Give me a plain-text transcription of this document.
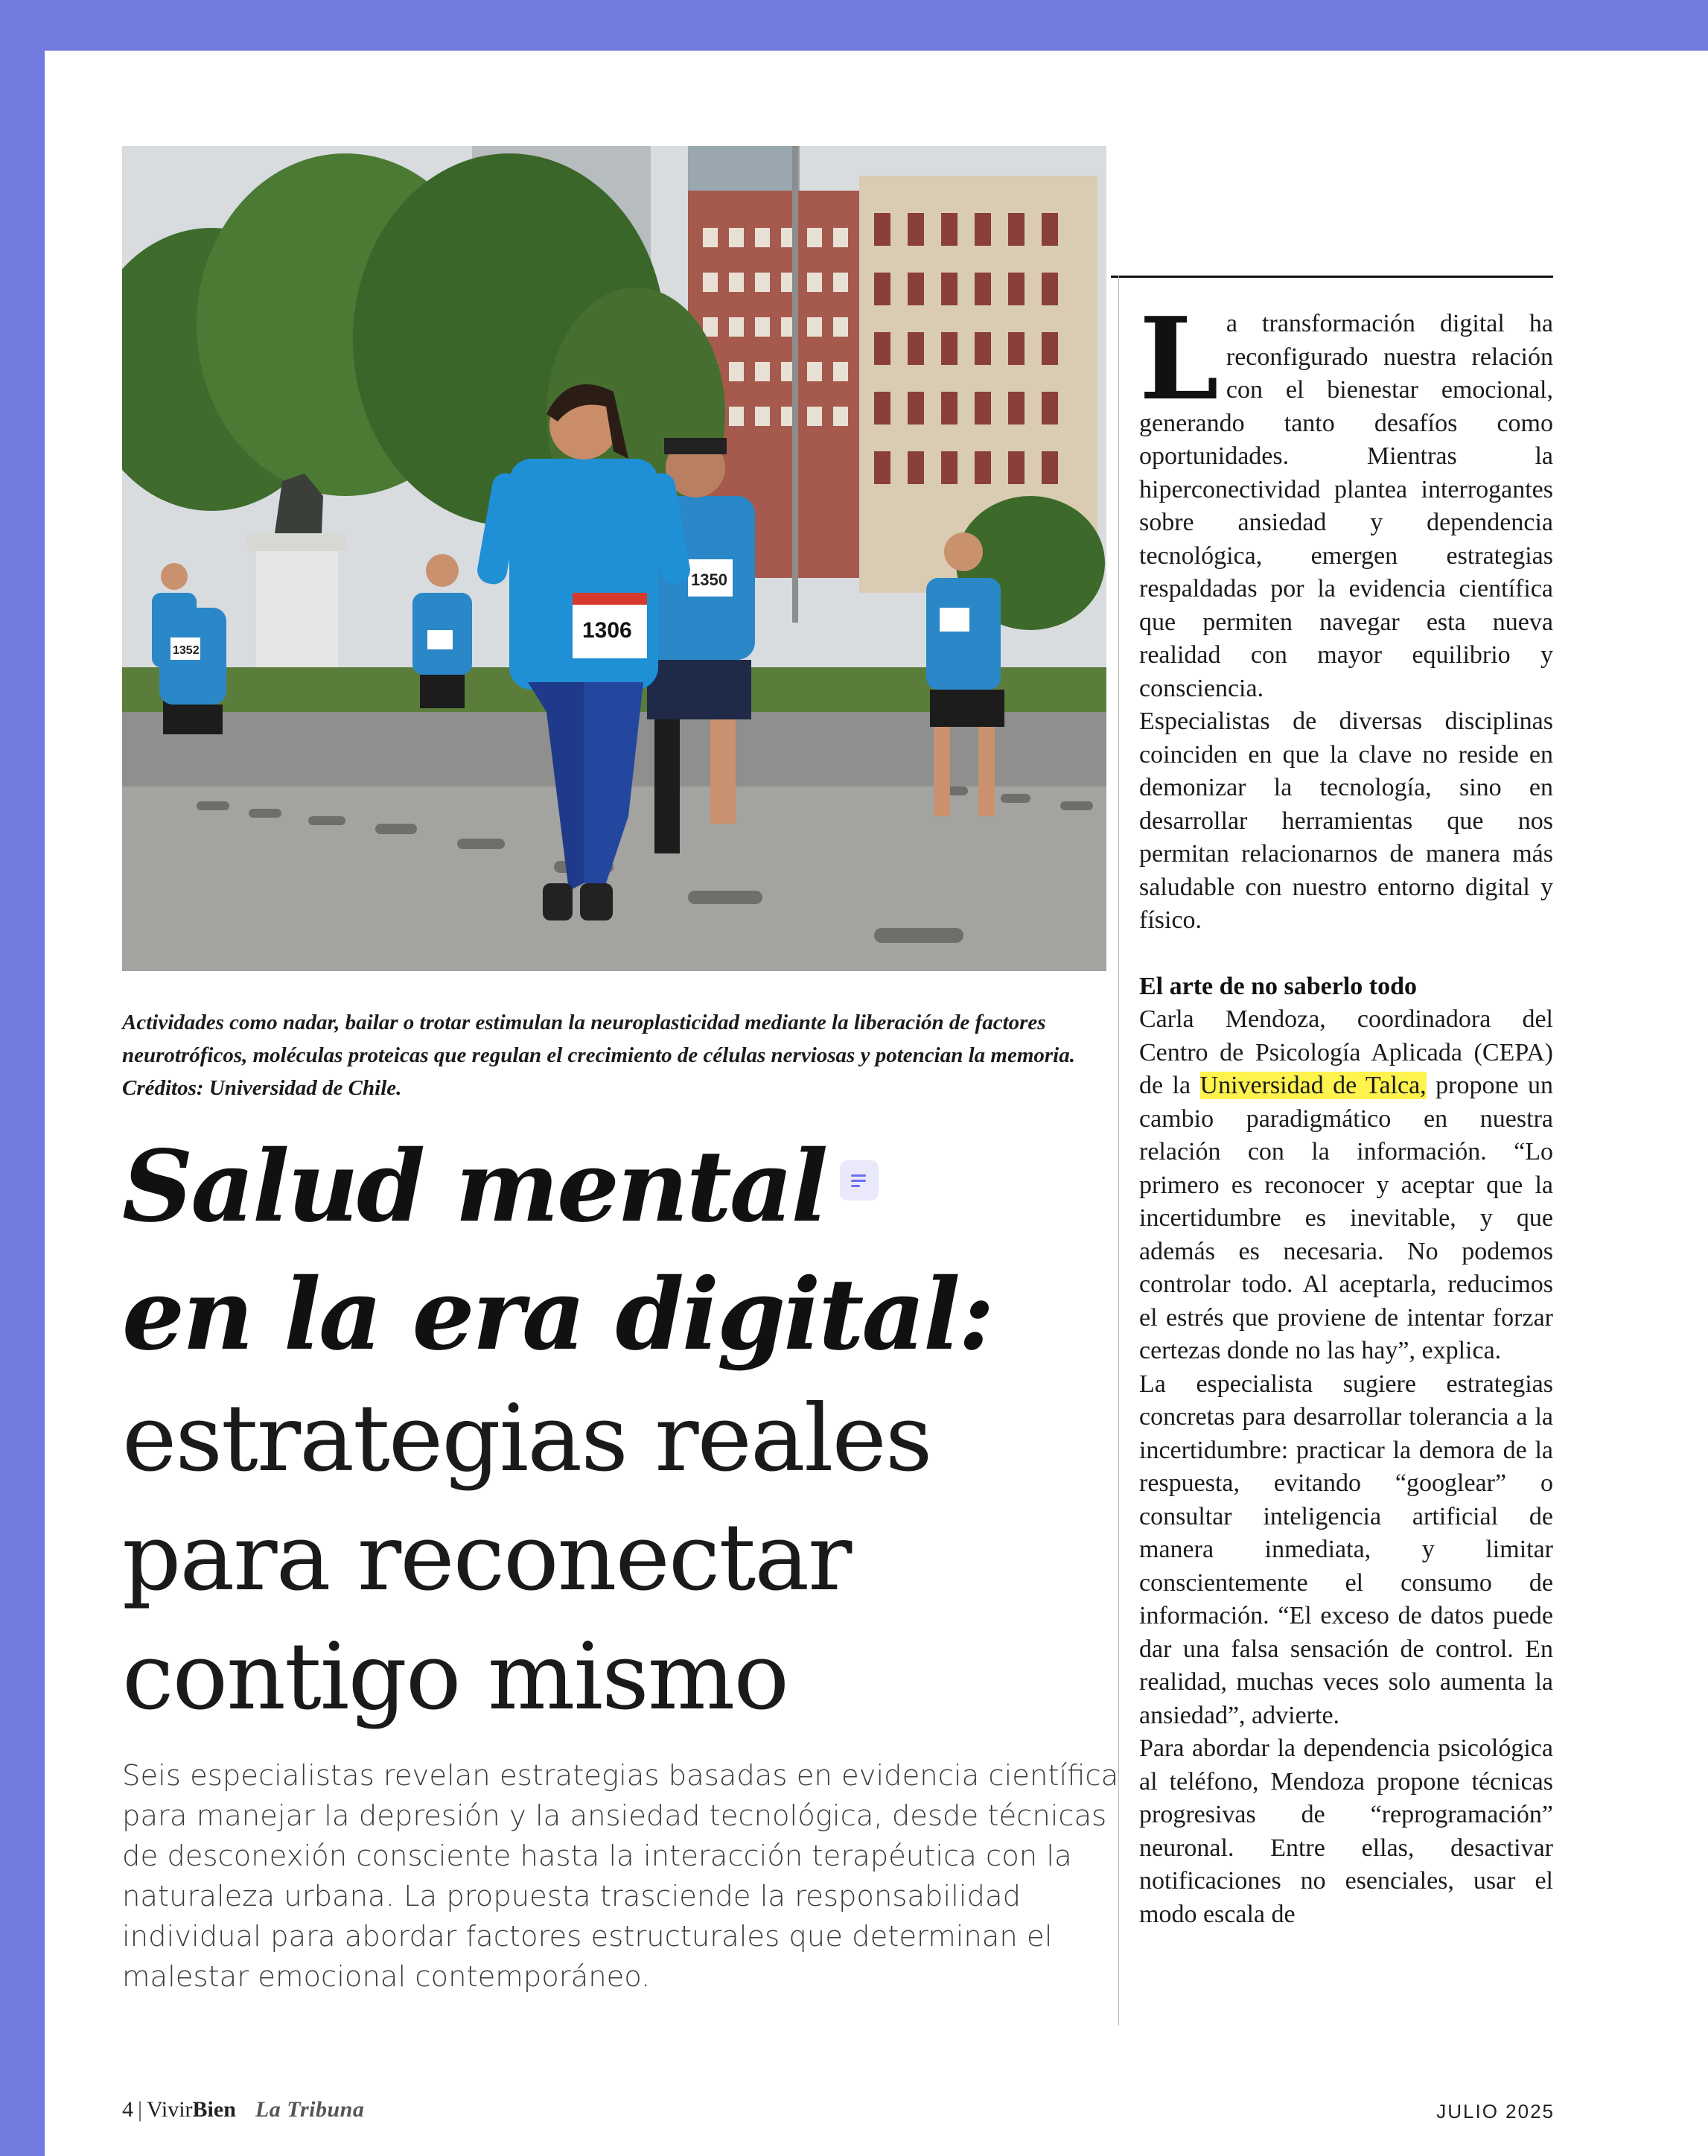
1350
1306
1352

Actividades como nadar, bailar o trotar estimulan la neuroplasticidad mediante la liberación de factores neurotróficos, moléculas proteicas que regulan el crecimiento de células nerviosas y potencian la memoria. Créditos: Universidad de Chile.

Salud mental

en la era digital:

estrategias reales

para reconectar

contigo mismo

Seis especialistas revelan estrategias basadas en evidencia científica para manejar la depresión y la ansiedad tecnológica, desde técnicas de desconexión consciente hasta la interacción terapéutica con la naturaleza urbana. La propuesta trasciende la responsabilidad individual para abordar factores estructurales que determinan el malestar emocional contemporáneo.

La transformación digital ha reconfigurado nuestra relación con el bienestar emocional, generando tanto desafíos como oportunidades. Mientras la hiperconectividad plantea interrogantes sobre ansiedad y dependencia tecnológica, emergen estrategias respaldadas por la evidencia científica que permiten navegar esta nueva realidad con mayor equilibrio y consciencia.

Especialistas de diversas disciplinas coinciden en que la clave no reside en demonizar la tecnología, sino en desarrollar herramientas que nos permitan relacionarnos de manera más saludable con nuestro entorno digital y físico.

El arte de no saberlo todo

Carla Mendoza, coordinadora del Centro de Psicología Aplicada (CEPA) de la Universidad de Talca, propone un cambio paradigmático en nuestra relación con la información. “Lo primero es reconocer y aceptar que la incertidumbre es inevitable, y que además es necesaria. No podemos controlar todo. Al aceptarla, reducimos el estrés que proviene de intentar forzar certezas donde no las hay”, explica.

La especialista sugiere estrategias concretas para desarrollar tolerancia a la incertidumbre: practicar la demora de la respuesta, evitando “googlear” o consultar inteligencia artificial de manera inmediata, y limitar conscientemente el consumo de información. “El exceso de datos puede dar una falsa sensación de control. En realidad, muchas veces solo aumenta la ansiedad”, advierte.

Para abordar la dependencia psicológica al teléfono, Mendoza propone técnicas progresivas de “reprogramación” neuronal. Entre ellas, desactivar notificaciones no esenciales, usar el modo escala de

4 | Vivir Bien La Tribuna	JULIO 2025
